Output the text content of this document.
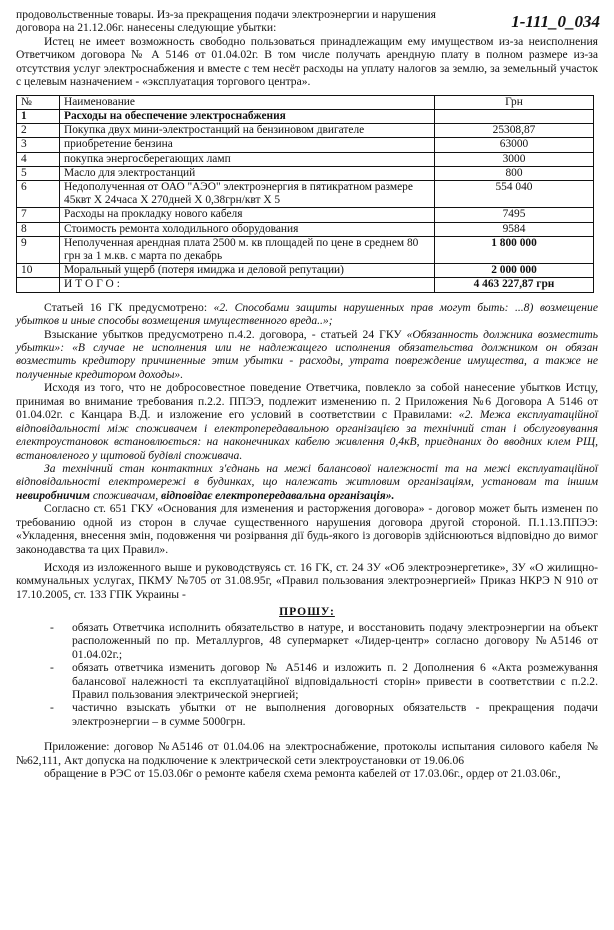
1-111_0_034

продовольственные товары. Из-за прекращения подачи электроэнергии и нарушения

договора на 21.12.06г. нанесены следующие убытки:

Истец не имеет возможность свободно пользоваться принадлежащим ему имуществом из-за неисполнения Ответчиком договора № А 5146 от 01.04.02г. В том числе получать арендную плату в полном размере из-за отсутствия услуг электроснабжения и вместе с тем несёт расходы на уплату налогов за землю, за земельный участок с целевым назначением - «эксплуатация торгового центра».

№	Наименование	Грн
1	Расходы на обеспечение электроснабжения	
2	Покупка двух мини-электростанций на бензиновом двигателе	25308,87
3	приобретение бензина	63000
4	покупка энергосберегающих ламп	3000
5	Масло для электростанций	800
6	Недополученная от ОАО "АЭО" электроэнергия в пятикратном размере 45квт Х 24часа Х 270дней Х 0,38грн/квт Х 5	554 040
7	Расходы на прокладку нового кабеля	7495
8	Стоимость ремонта холодильного оборудования	9584
9	Неполученная арендная плата 2500 м. кв площадей по цене в среднем 80 грн за 1 м.кв. с марта по декабрь	1 800 000
10	Моральный ущерб (потеря имиджа и деловой репутации)	2 000 000
	ИТОГО:	4 463 227,87 грн

Статьей 16 ГК предусмотрено: «2. Способами защиты нарушенных прав могут быть: ...8) возмещение убытков и иные способы возмещения имущественного вреда..»;

Взыскание убытков предусмотрено п.4.2. договора, - статьей 24 ГКУ «Обязанность должника возместить убытки»: «В случае не исполнения или не надлежащего исполнения обязательства должником он обязан возместить кредитору причиненные этим убытки - расходы, утрата повреждение имущества, а также не полученные кредитором доходы».

Исходя из того, что не добросовестное поведение Ответчика, повлекло за собой нанесение убытков Истцу, принимая во внимание требования п.2.2. ППЭЭ, подлежит изменению п. 2 Приложения №6 Договора А 5146 от 01.04.02г. с Канцара В.Д. и изложение его условий в соответствии с Правилами: «2. Межа експлуатаційної відповідальності між споживачем і електропередавальною організацією за технічний стан і обслуговування електроустановок встановлюється: на наконечниках кабелю живлення 0,4кВ, приєднаних до вводних клем РЩ, встановленого у щитовой будівлі споживача.

За технічний стан контактних з'єднань на межі балансової належності та на межі експлуатаційної відповідальності електромережі в будинках, що належать житловим організаціям, установам та іншим невиробничим споживачам, відповідає електропередавальна організація».

Согласно ст. 651 ГКУ «Основания для изменения и расторжения договора» - договор может быть изменен по требованию одной из сторон в случае существенного нарушения договора другой стороной. П.1.13.ППЭЭ: «Укладення, внесення змін, подовження чи розірвання дії будь-якого із договорів здійснюються відповідно до вимог законодавства та цих Правил».

Исходя из изложенного выше и руководствуясь ст. 16 ГК, ст. 24 ЗУ «Об электроэнергетике», ЗУ «О жилищно-коммунальных услугах, ПКМУ №705 от 31.08.95г, «Правил пользования электроэнергией» Приказ НКРЭ N 910 от 17.10.2005, ст. 133 ГПК Украины -

ПРОШУ:
- обязать Ответчика исполнить обязательство в натуре, и восстановить подачу электроэнергии на объект расположенный по пр. Металлургов, 48 супермаркет «Лидер-центр» согласно договору №А5146 от 01.04.02г.;
- обязать ответчика изменить договор № А5146 и изложить п. 2 Дополнения 6 «Акта розмежування балансової належності та експлуатаційної відповідальності сторін» привести в соответствии с п.2.2. Правил пользования электрической энергией;
- частично взыскать убытки от не выполнения договорных обязательств - прекращения подачи электроэнергии – в сумме 5000грн.

Приложение: договор №А5146 от 01.04.06 на электроснабжение, протоколы испытания силового кабеля №№62,111, Акт допуска на подключение к электрической сети электроустановки от 19.06.06

обращение в РЭС от 15.03.06г о ремонте кабеля схема ремонта кабелей от 17.03.06г., ордер от 21.03.06г.,
